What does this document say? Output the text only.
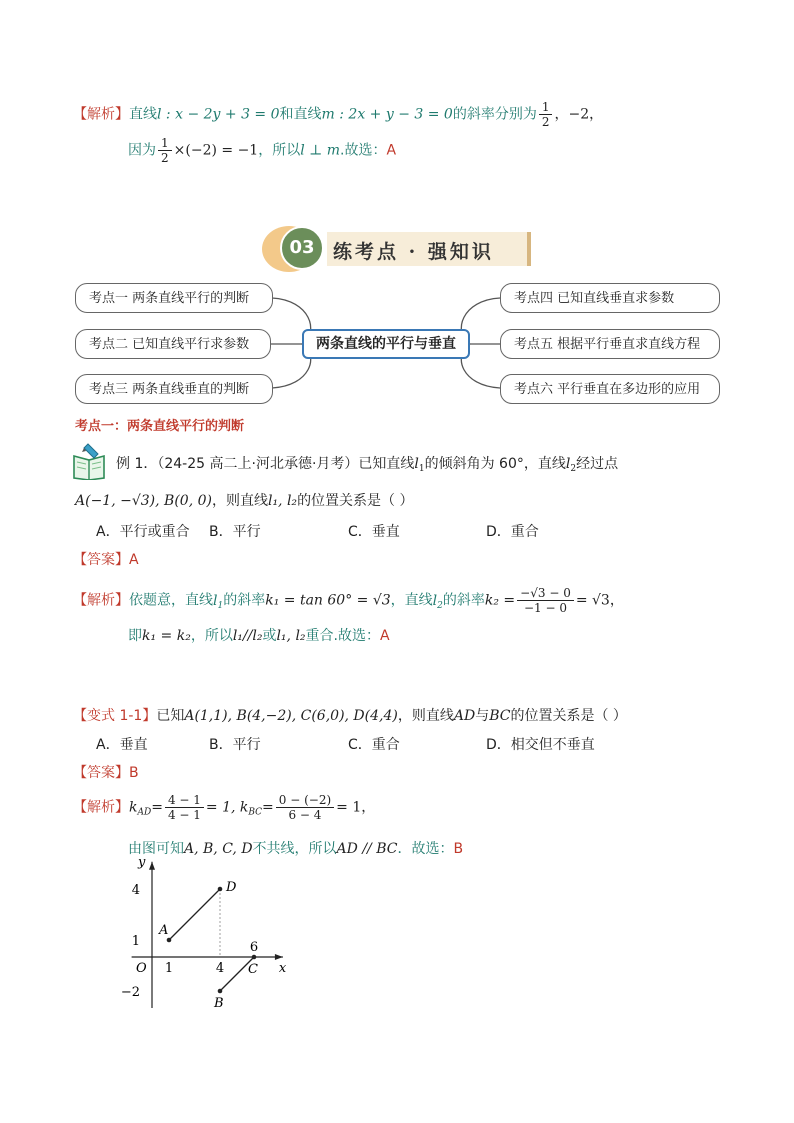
【解析】直线l : x − 2y + 3 = 0和直线m : 2x + y − 3 = 0的斜率分别为 $\frac{1}{2}$ ，−2，
因为 $\frac{1}{2} \times(-2) = -1$，所以l ⊥ m.故选：A
03 练考点 · 强知识
考点一 两条直线平行的判断
考点二 已知直线平行求参数
考点三 两条直线垂直的判断
两条直线的平行与垂直
考点四 已知直线垂直求参数
考点五 根据平行垂直求直线方程
考点六 平行垂直在多边形的应用
考点一：两条直线平行的判断
例 1．（24-25 高二上·河北承德·月考）已知直线$l_1$的倾斜角为 60°，直线$l_2$经过点
A(−1, −√3), B(0, 0)，则直线l₁, l₂的位置关系是（ ）
A．平行或重合 B．平行	C．垂直	D．重合
【答案】A
【解析】依题意，直线$l_1$的斜率k₁ = tan 60° = √3，直线$l_2$的斜率$k_2 = \frac{-√3 - 0}{-1 - 0} = √3$，
即k₁ = k₂，所以l₁//l₂或l₁, l₂重合.故选：A
【变式 1-1】已知A(1,1), B(4,−2), C(6,0), D(4,4)，则直线AD与BC的位置关系是（ ）
A．垂直	B．平行	C．重合	D．相交但不垂直
【答案】B
【解析】$k_{AD}= \frac{4 - 1}{4 - 1} = 1$, $k_{BC}= \frac{0 - (-2)}{6 - 4} = 1$，
由图可知A, B, C, D不共线，所以AD // BC．故选：B
x
y
O
4
1
−2
1	4
A
D
B
C
6
